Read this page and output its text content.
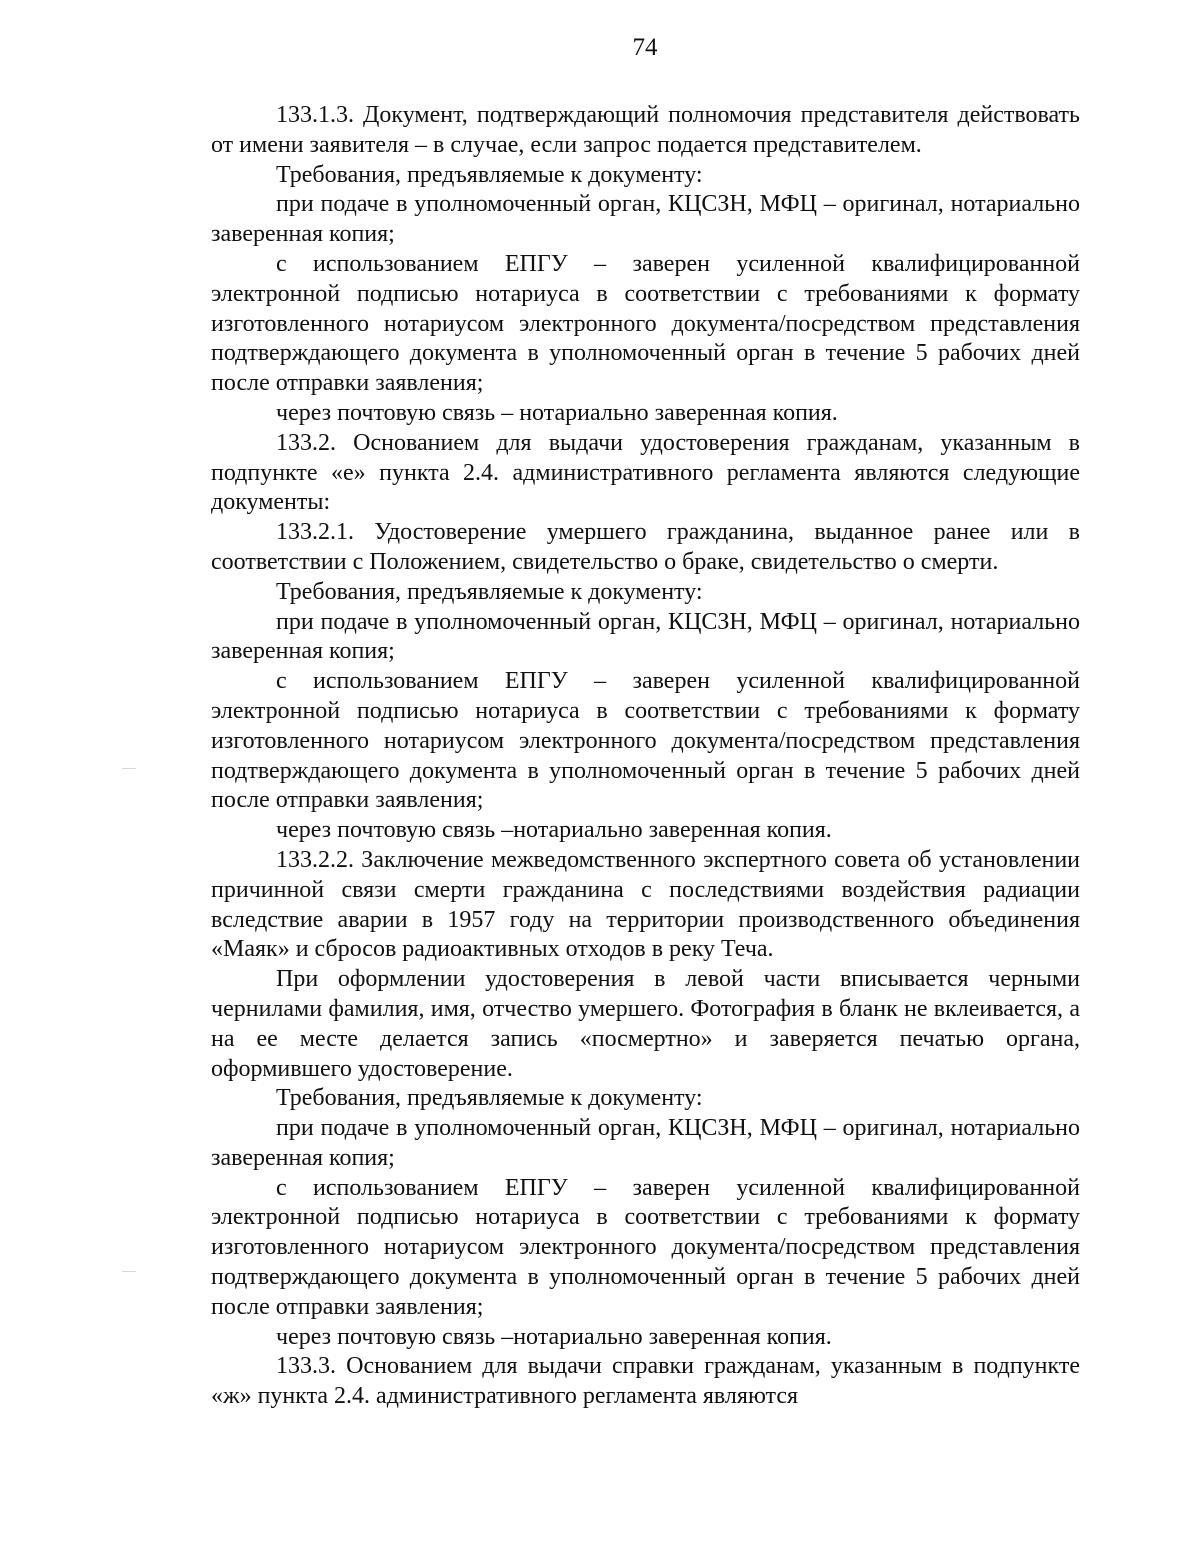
74

133.1.3. Документ, подтверждающий полномочия представителя действовать от имени заявителя – в случае, если запрос подается представителем.

Требования, предъявляемые к документу:

при подаче в уполномоченный орган, КЦСЗН, МФЦ – оригинал, нотариально заверенная копия;

с использованием ЕПГУ – заверен усиленной квалифицированной электронной подписью нотариуса в соответствии с требованиями к формату изготовленного нотариусом электронного документа/посредством представления подтверждающего документа в уполномоченный орган в течение 5 рабочих дней после отправки заявления;

через почтовую связь – нотариально заверенная копия.

133.2. Основанием для выдачи удостоверения гражданам, указанным в подпункте «е» пункта 2.4. административного регламента являются следующие документы:

133.2.1. Удостоверение умершего гражданина, выданное ранее или в соответствии с Положением, свидетельство о браке, свидетельство о смерти.

Требования, предъявляемые к документу:

при подаче в уполномоченный орган, КЦСЗН, МФЦ – оригинал, нотариально заверенная копия;

с использованием ЕПГУ – заверен усиленной квалифицированной электронной подписью нотариуса в соответствии с требованиями к формату изготовленного нотариусом электронного документа/посредством представления подтверждающего документа в уполномоченный орган в течение 5 рабочих дней после отправки заявления;

через почтовую связь –нотариально заверенная копия.

133.2.2. Заключение межведомственного экспертного совета об установлении причинной связи смерти гражданина с последствиями воздействия радиации вследствие аварии в 1957 году на территории производственного объединения «Маяк» и сбросов радиоактивных отходов в реку Теча.

При оформлении удостоверения в левой части вписывается черными чернилами фамилия, имя, отчество умершего. Фотография в бланк не вклеивается, а на ее месте делается запись «посмертно» и заверяется печатью органа, оформившего удостоверение.

Требования, предъявляемые к документу:

при подаче в уполномоченный орган, КЦСЗН, МФЦ – оригинал, нотариально заверенная копия;

с использованием ЕПГУ – заверен усиленной квалифицированной электронной подписью нотариуса в соответствии с требованиями к формату изготовленного нотариусом электронного документа/посредством представления подтверждающего документа в уполномоченный орган в течение 5 рабочих дней после отправки заявления;

через почтовую связь –нотариально заверенная копия.

133.3. Основанием для выдачи справки гражданам, указанным в подпункте «ж» пункта 2.4. административного регламента являются
